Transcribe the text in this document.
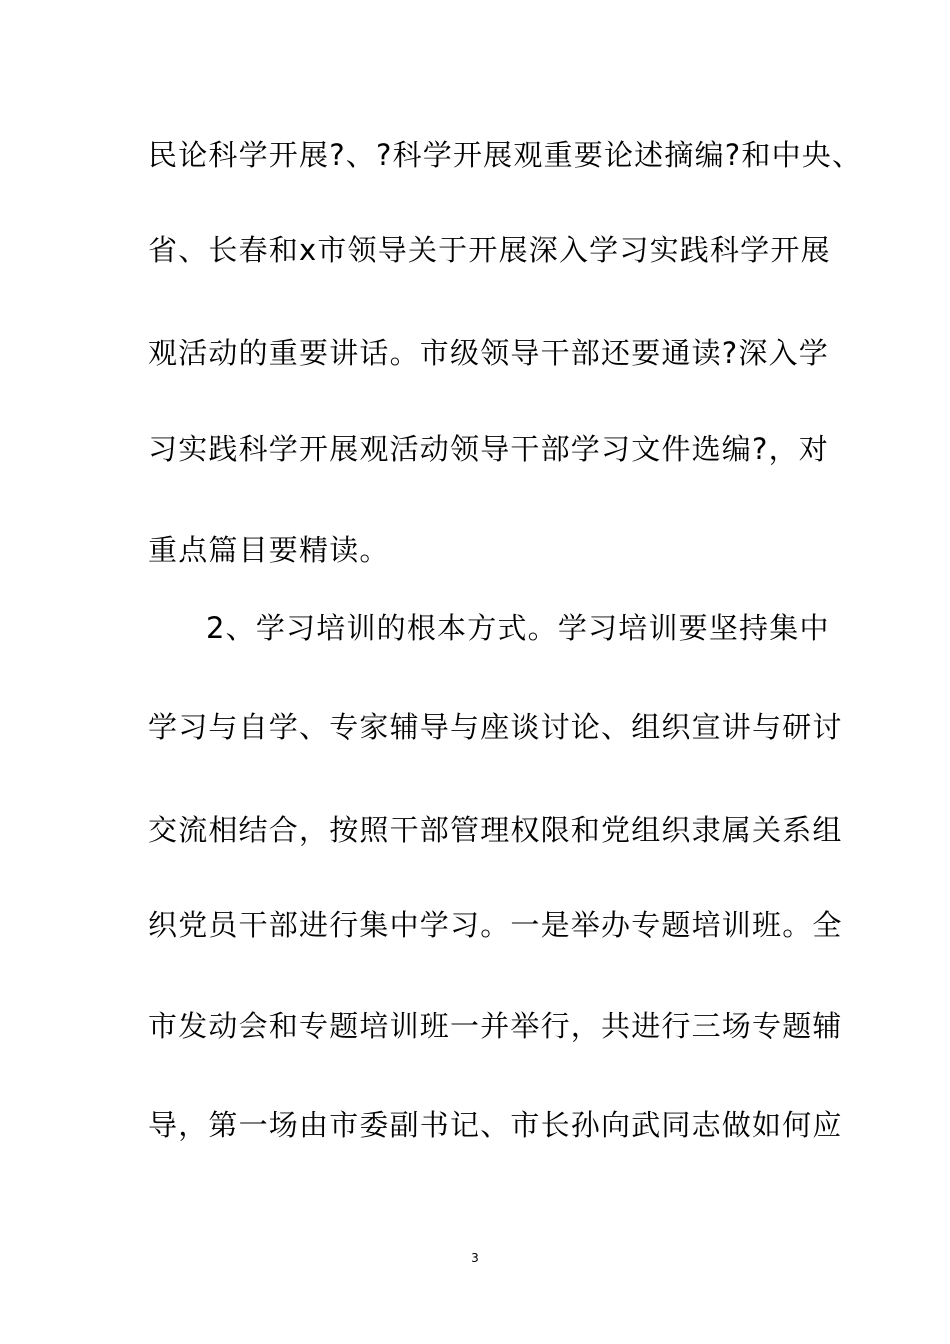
民论科学开展?、?科学开展观重要论述摘编?和中央、
省、长春和x市领导关于开展深入学习实践科学开展
观活动的重要讲话。市级领导干部还要通读?深入学
习实践科学开展观活动领导干部学习文件选编?，对
重点篇目要精读。
2、学习培训的根本方式。学习培训要坚持集中
学习与自学、专家辅导与座谈讨论、组织宣讲与研讨
交流相结合，按照干部管理权限和党组织隶属关系组
织党员干部进行集中学习。一是举办专题培训班。全
市发动会和专题培训班一并举行，共进行三场专题辅
导，第一场由市委副书记、市长孙向武同志做如何应
3
